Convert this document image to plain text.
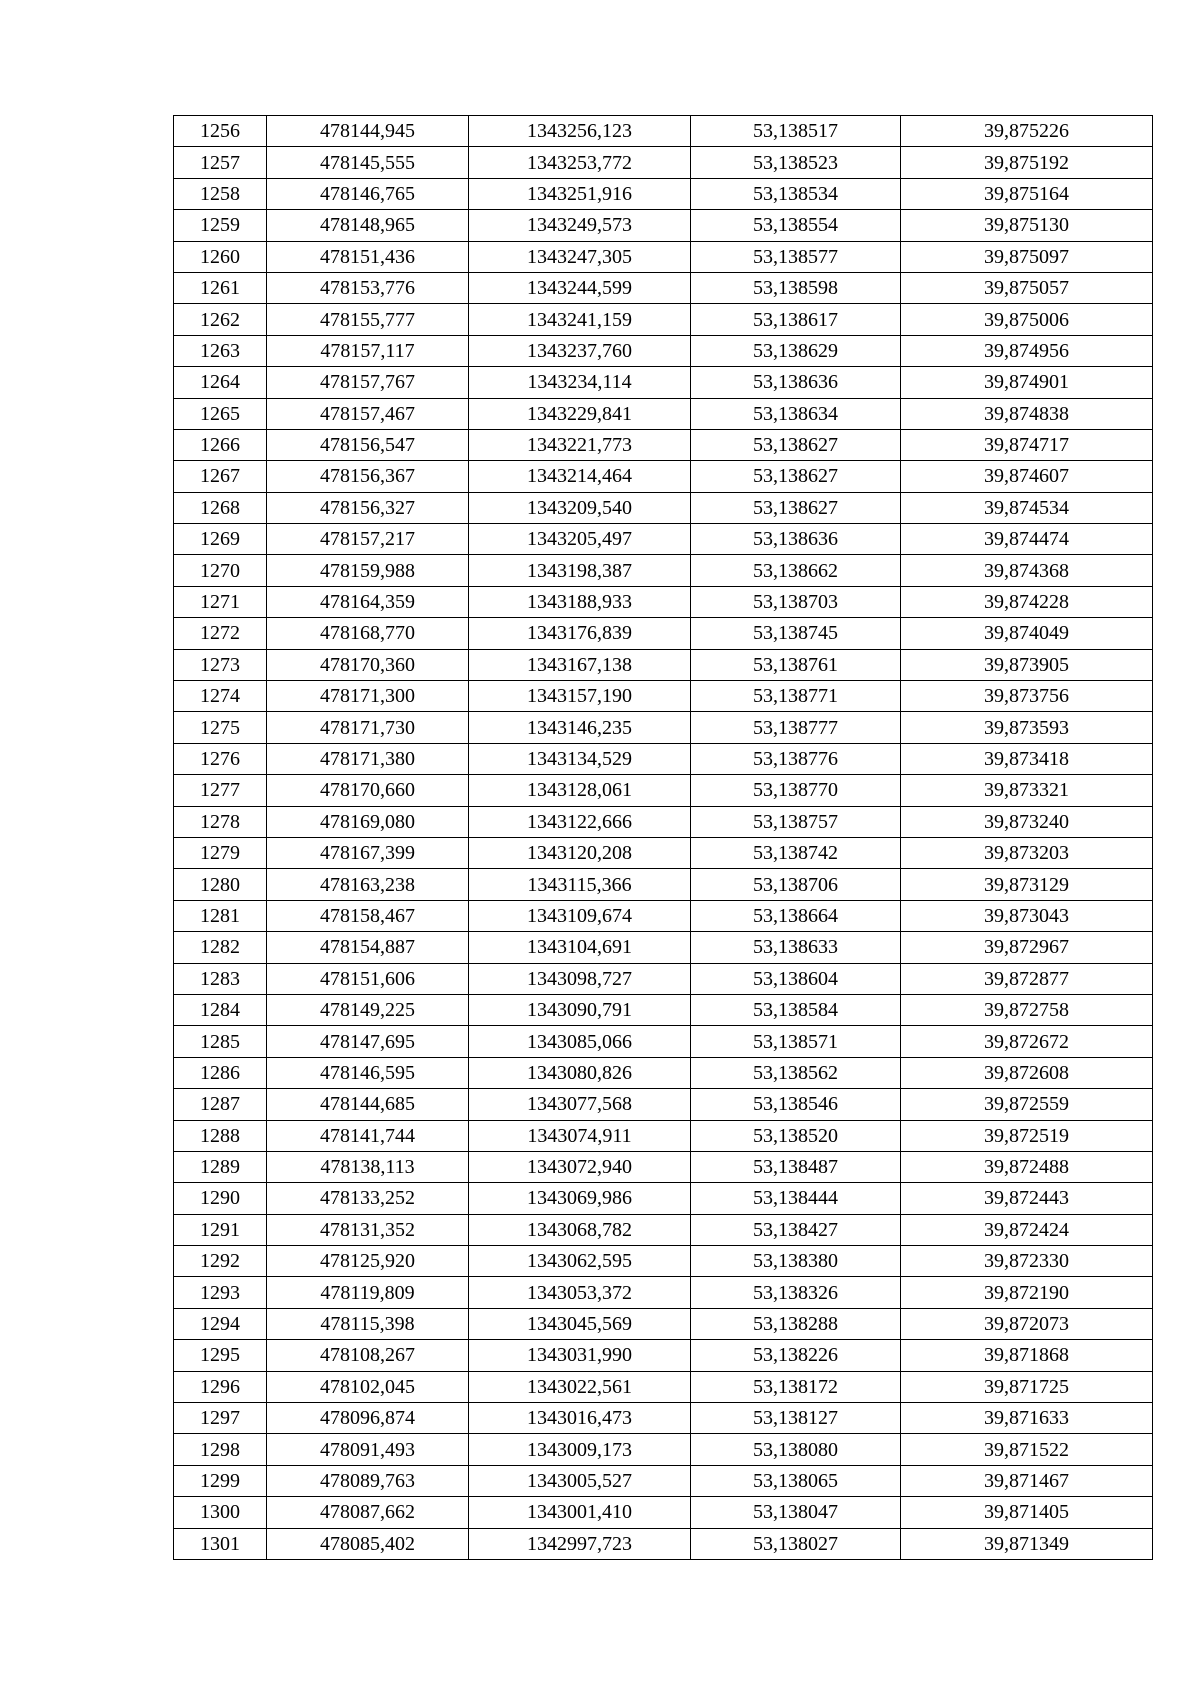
1256	478144,945	1343256,123	53,138517	39,875226
1257	478145,555	1343253,772	53,138523	39,875192
1258	478146,765	1343251,916	53,138534	39,875164
1259	478148,965	1343249,573	53,138554	39,875130
1260	478151,436	1343247,305	53,138577	39,875097
1261	478153,776	1343244,599	53,138598	39,875057
1262	478155,777	1343241,159	53,138617	39,875006
1263	478157,117	1343237,760	53,138629	39,874956
1264	478157,767	1343234,114	53,138636	39,874901
1265	478157,467	1343229,841	53,138634	39,874838
1266	478156,547	1343221,773	53,138627	39,874717
1267	478156,367	1343214,464	53,138627	39,874607
1268	478156,327	1343209,540	53,138627	39,874534
1269	478157,217	1343205,497	53,138636	39,874474
1270	478159,988	1343198,387	53,138662	39,874368
1271	478164,359	1343188,933	53,138703	39,874228
1272	478168,770	1343176,839	53,138745	39,874049
1273	478170,360	1343167,138	53,138761	39,873905
1274	478171,300	1343157,190	53,138771	39,873756
1275	478171,730	1343146,235	53,138777	39,873593
1276	478171,380	1343134,529	53,138776	39,873418
1277	478170,660	1343128,061	53,138770	39,873321
1278	478169,080	1343122,666	53,138757	39,873240
1279	478167,399	1343120,208	53,138742	39,873203
1280	478163,238	1343115,366	53,138706	39,873129
1281	478158,467	1343109,674	53,138664	39,873043
1282	478154,887	1343104,691	53,138633	39,872967
1283	478151,606	1343098,727	53,138604	39,872877
1284	478149,225	1343090,791	53,138584	39,872758
1285	478147,695	1343085,066	53,138571	39,872672
1286	478146,595	1343080,826	53,138562	39,872608
1287	478144,685	1343077,568	53,138546	39,872559
1288	478141,744	1343074,911	53,138520	39,872519
1289	478138,113	1343072,940	53,138487	39,872488
1290	478133,252	1343069,986	53,138444	39,872443
1291	478131,352	1343068,782	53,138427	39,872424
1292	478125,920	1343062,595	53,138380	39,872330
1293	478119,809	1343053,372	53,138326	39,872190
1294	478115,398	1343045,569	53,138288	39,872073
1295	478108,267	1343031,990	53,138226	39,871868
1296	478102,045	1343022,561	53,138172	39,871725
1297	478096,874	1343016,473	53,138127	39,871633
1298	478091,493	1343009,173	53,138080	39,871522
1299	478089,763	1343005,527	53,138065	39,871467
1300	478087,662	1343001,410	53,138047	39,871405
1301	478085,402	1342997,723	53,138027	39,871349
